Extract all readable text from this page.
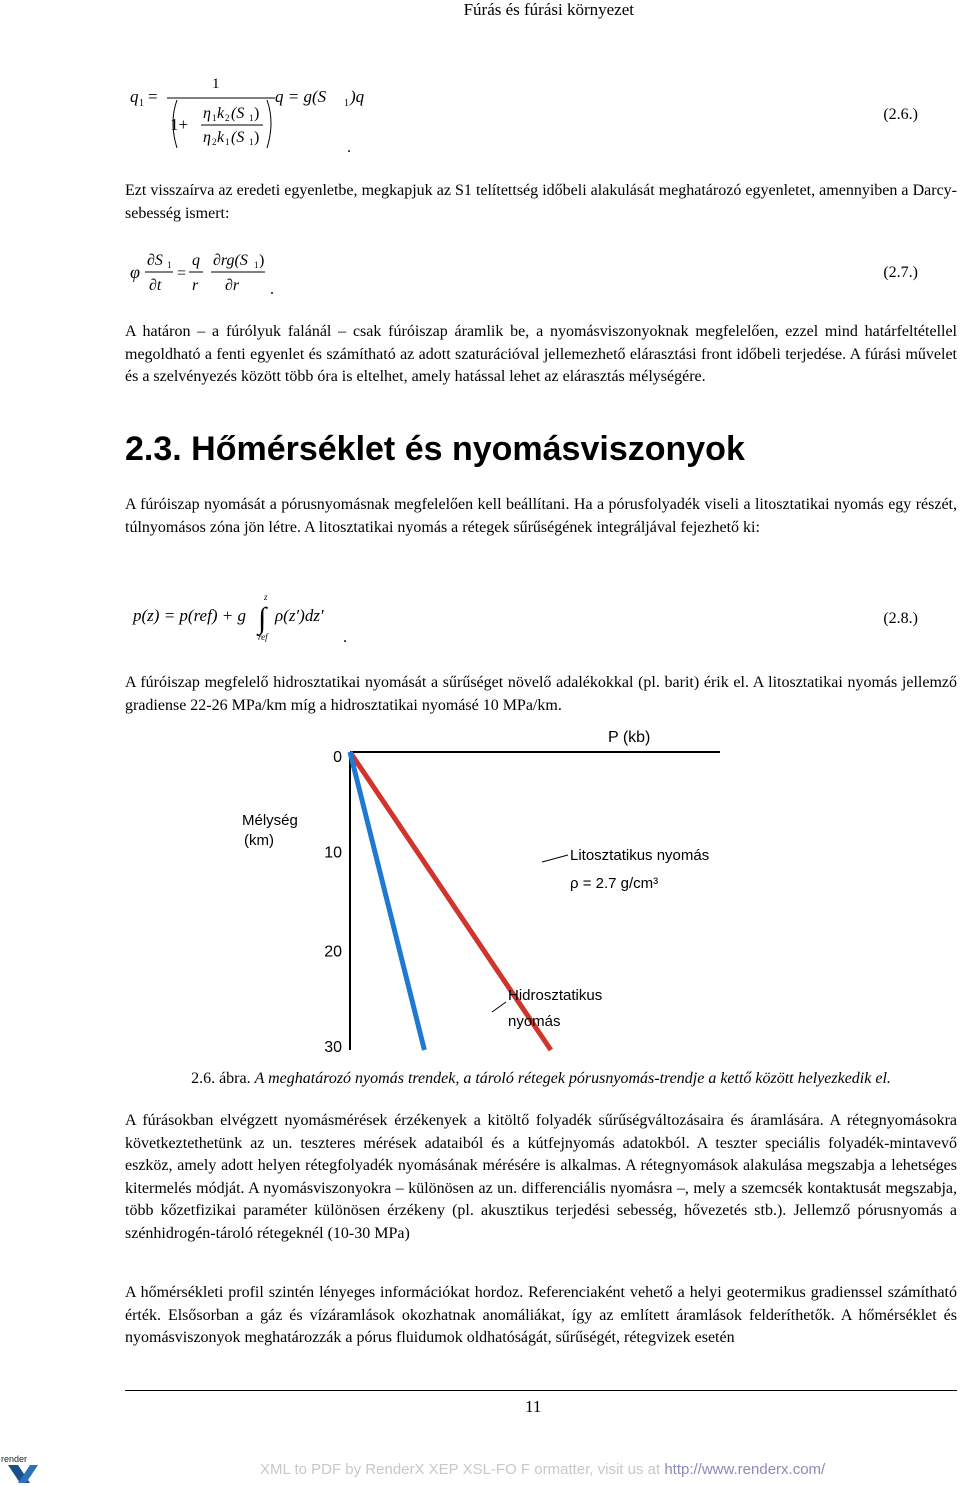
Fúrás és fúrási környezet
q 1 =
1
1+
η 1 k 2 (S 1 )
η 2 k 1 (S 1 )
q = g(S 1 )q
.
(2.6.)
Ezt visszaírva az eredeti egyenletbe, megkapjuk az S1 telítettség időbeli alakulását meghatározó egyenletet, amennyiben a Darcy-sebesség ismert:
φ
∂S 1
∂t
=
q
r
∂rg(S 1 )
∂r .
(2.7.)
A határon – a fúrólyuk falánál – csak fúróiszap áramlik be, a nyomásviszonyoknak megfelelően, ezzel mind határfeltétellel megoldható a fenti egyenlet és számítható az adott szaturációval jellemezhető elárasztási front időbeli terjedése. A fúrási művelet és a szelvényezés között több óra is eltelhet, amely hatással lehet az elárasztás mélységére.
2.3. Hőmérséklet és nyomásviszonyok
A fúróiszap nyomását a pórusnyomásnak megfelelően kell beállítani. Ha a pórusfolyadék viseli a litosztatikai nyomás egy részét, túlnyomásos zóna jön létre. A litosztatikai nyomás a rétegek sűrűségének integráljával fejezhető ki:
p(z) = p(ref) + g
z
∫
ref
ρ(z′)dz′
.
(2.8.)
A fúróiszap megfelelő hidrosztatikai nyomását a sűrűséget növelő adalékokkal (pl. barit) érik el. A litosztatikai nyomás jellemző gradiense 22-26 MPa/km míg a hidrosztatikai nyomásé 10 MPa/km.
P (kb)
Mélység
(km)
0
10
20
30
Litosztatikus nyomás
ρ = 2.7 g/cm³
Hidrosztatikus
nyomás
2.6. ábra. A meghatározó nyomás trendek, a tároló rétegek pórusnyomás-trendje a kettő között helyezkedik el.
A fúrásokban elvégzett nyomásmérések érzékenyek a kitöltő folyadék sűrűségváltozásaira és áramlására. A rétegnyomásokra következtethetünk az un. teszteres mérések adataiból és a kútfejnyomás adatokból. A teszter speciális folyadék-mintavevő eszköz, amely adott helyen rétegfolyadék nyomásának mérésére is alkalmas. A rétegnyomások alakulása megszabja a lehetséges kitermelés módját. A nyomásviszonyokra – különösen az un. differenciális nyomásra –, mely a szemcsék kontaktusát megszabja, több kőzetfizikai paraméter különösen érzékeny (pl. akusztikus terjedési sebesség, hővezetés stb.). Jellemző pórusnyomás a szénhidrogén-tároló rétegeknél (10-30 MPa)
A hőmérsékleti profil szintén lényeges információkat hordoz. Referenciaként vehető a helyi geotermikus gradienssel számítható érték. Elsősorban a gáz és vízáramlások okozhatnak anomáliákat, így az említett áramlások felderíthetők. A hőmérséklet és nyomásviszonyok meghatározzák a pórus fluidumok oldhatóságát, sűrűségét, rétegvizek esetén
11
render
XML to PDF by RenderX XEP XSL-FO F ormatter, visit us at http://www.renderx.com/
